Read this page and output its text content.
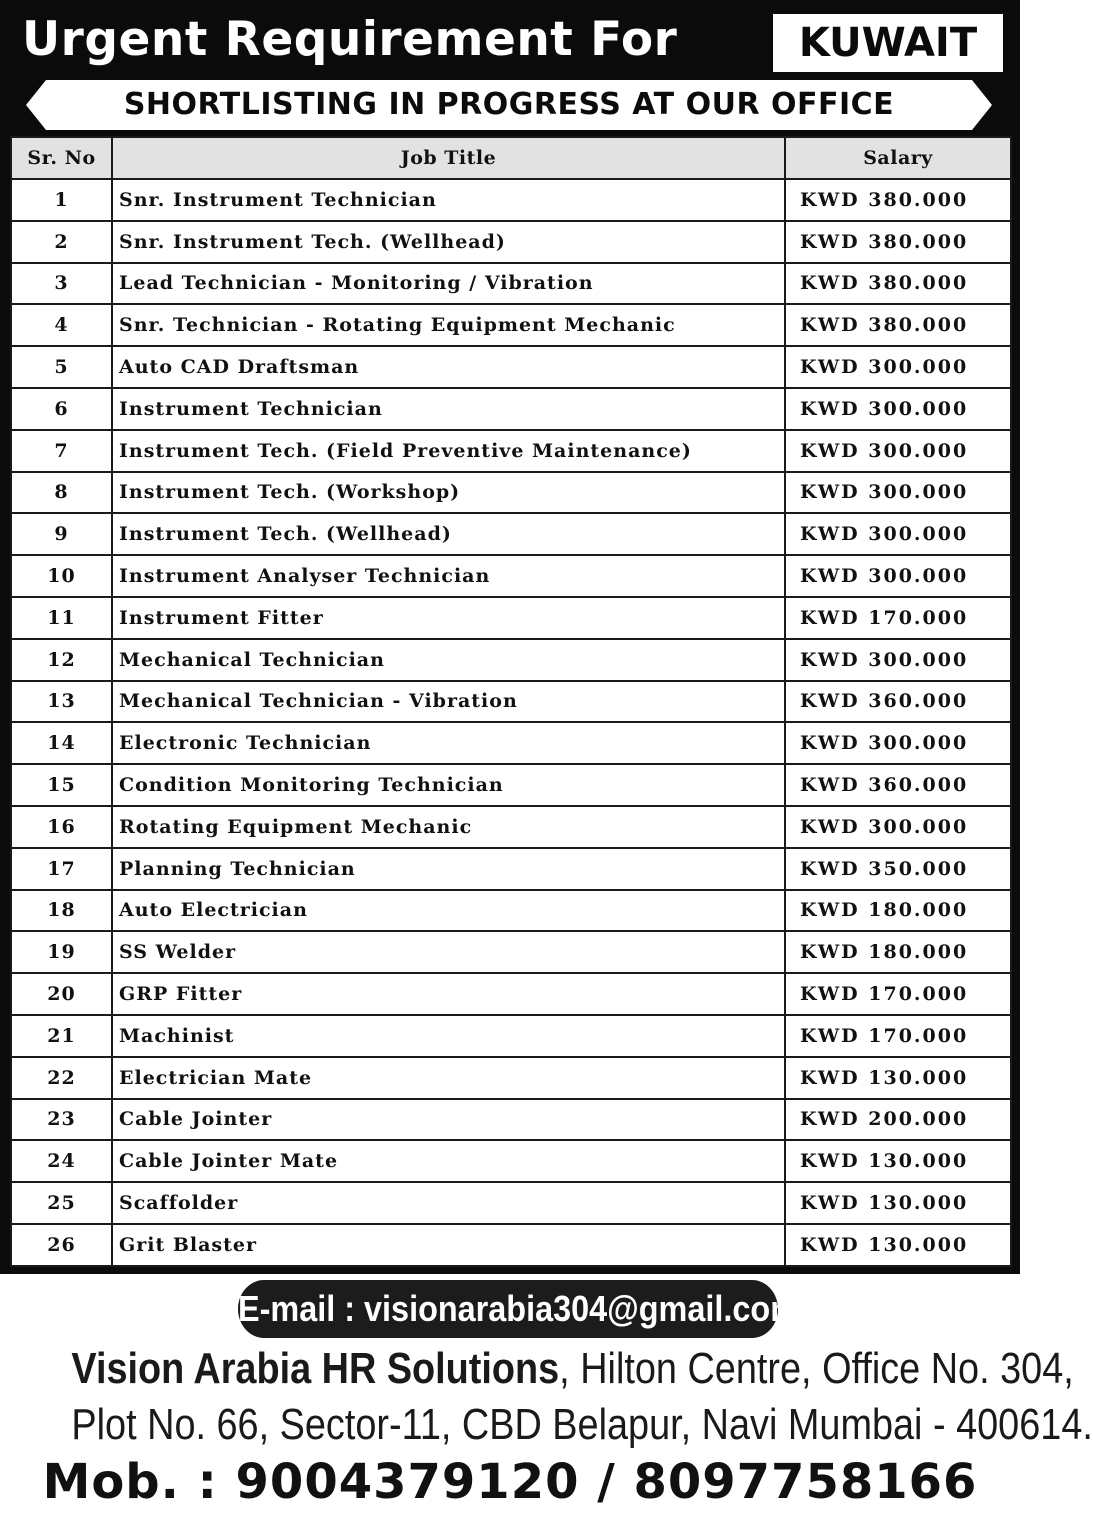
Urgent Requirement For	KUWAIT
SHORTLISTING IN PROGRESS AT OUR OFFICE
Sr. No	Job Title	Salary
1	Snr. Instrument Technician	KWD 380.000
2	Snr. Instrument Tech. (Wellhead)	KWD 380.000
3	Lead Technician - Monitoring / Vibration	KWD 380.000
4	Snr. Technician - Rotating Equipment Mechanic	KWD 380.000
5	Auto CAD Draftsman	KWD 300.000
6	Instrument Technician	KWD 300.000
7	Instrument Tech. (Field Preventive Maintenance)	KWD 300.000
8	Instrument Tech. (Workshop)	KWD 300.000
9	Instrument Tech. (Wellhead)	KWD 300.000
10	Instrument Analyser Technician	KWD 300.000
11	Instrument Fitter	KWD 170.000
12	Mechanical Technician	KWD 300.000
13	Mechanical Technician - Vibration	KWD 360.000
14	Electronic Technician	KWD 300.000
15	Condition Monitoring Technician	KWD 360.000
16	Rotating Equipment Mechanic	KWD 300.000
17	Planning Technician	KWD 350.000
18	Auto Electrician	KWD 180.000
19	SS Welder	KWD 180.000
20	GRP Fitter	KWD 170.000
21	Machinist	KWD 170.000
22	Electrician Mate	KWD 130.000
23	Cable Jointer	KWD 200.000
24	Cable Jointer Mate	KWD 130.000
25	Scaffolder	KWD 130.000
26	Grit Blaster	KWD 130.000
E-mail : visionarabia304@gmail.com
Vision Arabia HR Solutions, Hilton Centre, Office No. 304,
Plot No. 66, Sector-11, CBD Belapur, Navi Mumbai - 400614.
Mob. : 9004379120 / 8097758166
